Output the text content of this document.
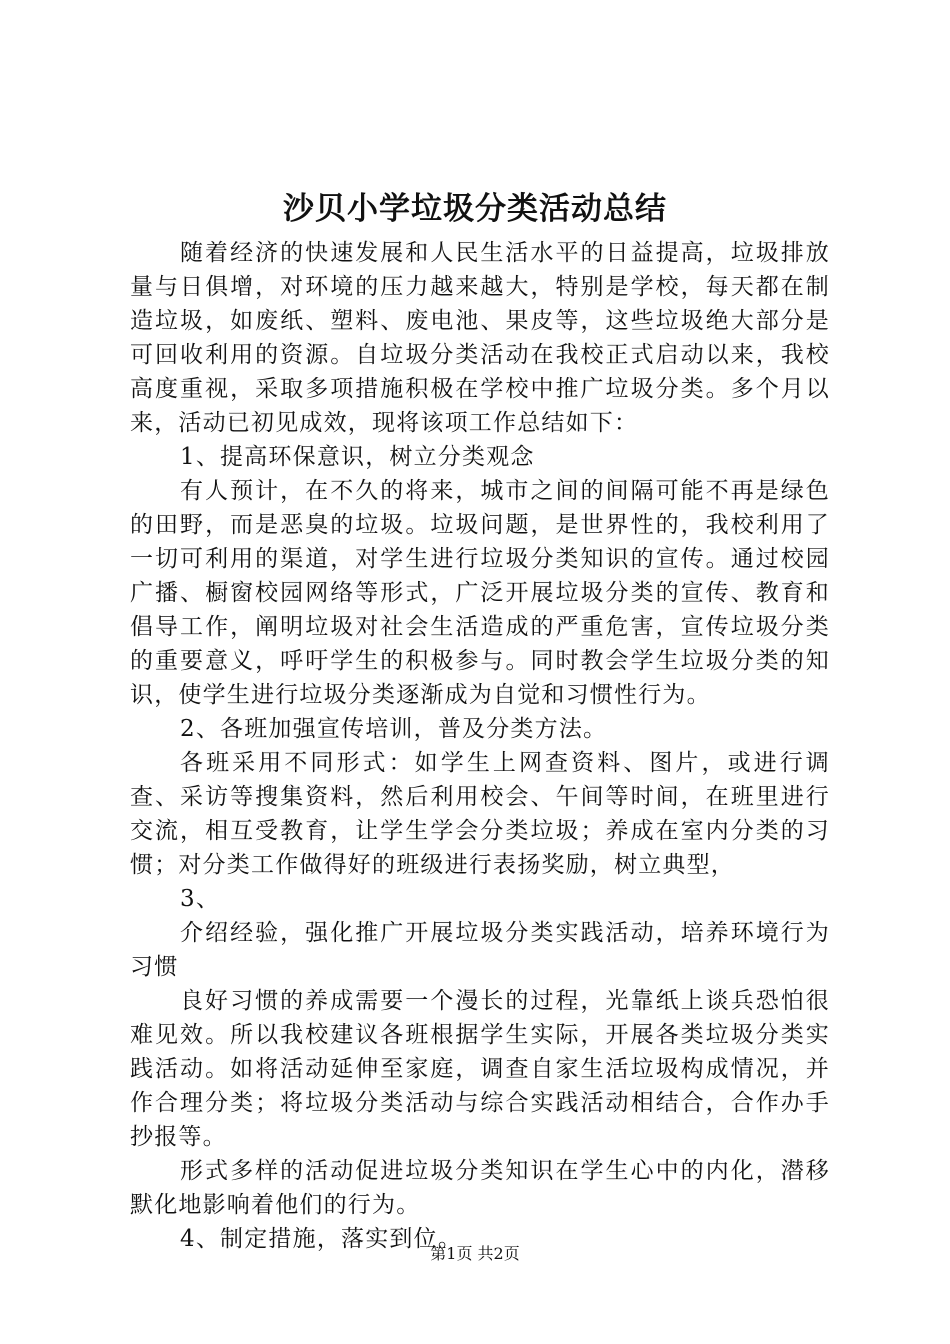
沙贝小学垃圾分类活动总结

随着经济的快速发展和人民生活水平的日益提高，垃圾排放量与日俱增，对环境的压力越来越大，特别是学校，每天都在制造垃圾，如废纸、塑料、废电池、果皮等，这些垃圾绝大部分是可回收利用的资源。自垃圾分类活动在我校正式启动以来，我校高度重视，采取多项措施积极在学校中推广垃圾分类。多个月以来，活动已初见成效，现将该项工作总结如下：

1、提高环保意识，树立分类观念

有人预计，在不久的将来，城市之间的间隔可能不再是绿色的田野，而是恶臭的垃圾。垃圾问题，是世界性的，我校利用了一切可利用的渠道，对学生进行垃圾分类知识的宣传。通过校园广播、橱窗校园网络等形式，广泛开展垃圾分类的宣传、教育和倡导工作，阐明垃圾对社会生活造成的严重危害，宣传垃圾分类的重要意义，呼吁学生的积极参与。同时教会学生垃圾分类的知识，使学生进行垃圾分类逐渐成为自觉和习惯性行为。

2、各班加强宣传培训，普及分类方法。

各班采用不同形式：如学生上网查资料、图片，或进行调查、采访等搜集资料，然后利用校会、午间等时间，在班里进行交流，相互受教育，让学生学会分类垃圾；养成在室内分类的习惯；对分类工作做得好的班级进行表扬奖励，树立典型，

3、

介绍经验，强化推广开展垃圾分类实践活动，培养环境行为习惯

良好习惯的养成需要一个漫长的过程，光靠纸上谈兵恐怕很难见效。所以我校建议各班根据学生实际，开展各类垃圾分类实践活动。如将活动延伸至家庭，调查自家生活垃圾构成情况，并作合理分类；将垃圾分类活动与综合实践活动相结合，合作办手抄报等。

形式多样的活动促进垃圾分类知识在学生心中的内化，潜移默化地影响着他们的行为。

4、制定措施，落实到位。

第1页 共2页
